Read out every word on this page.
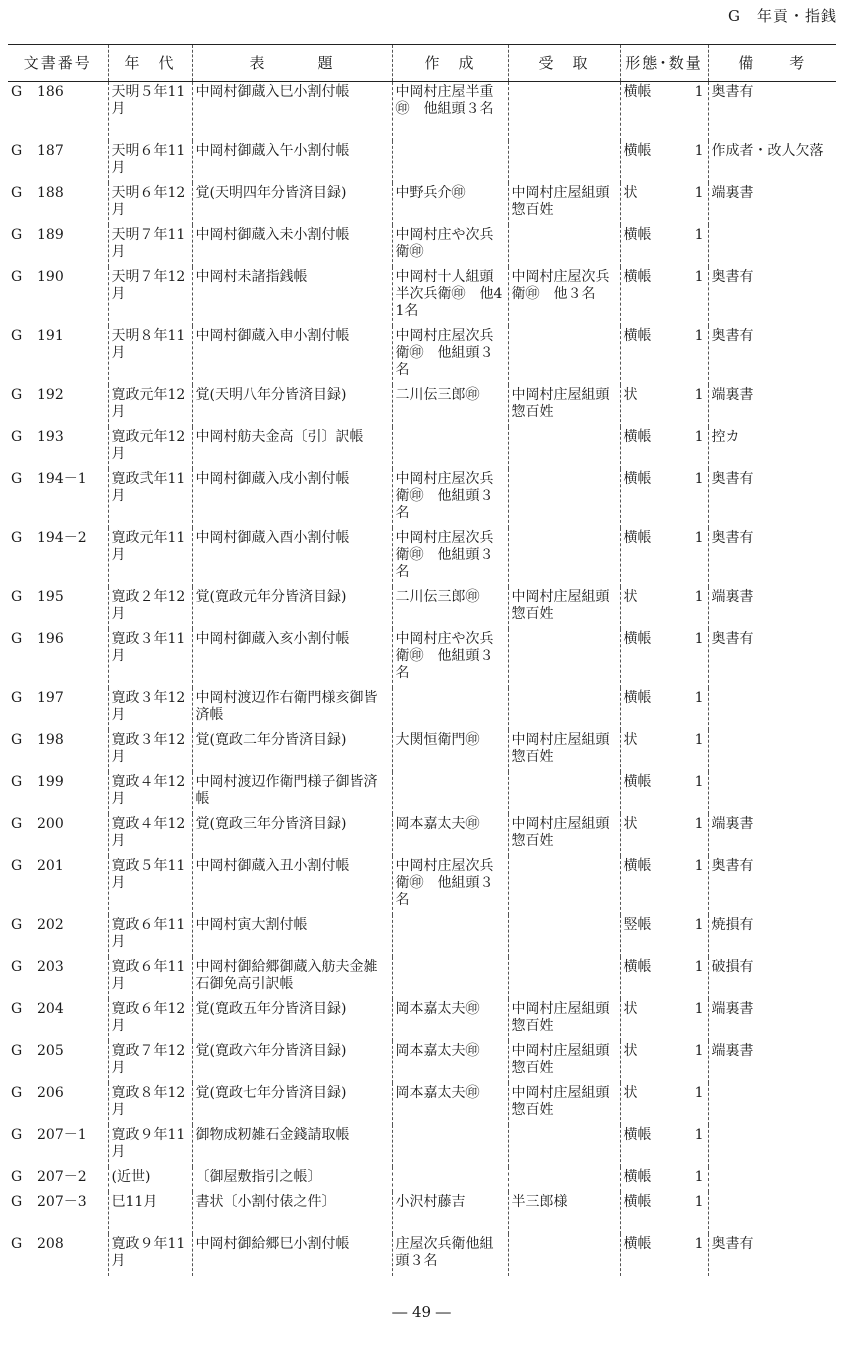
G　年貢・指銭
文書番号	年　代	表　　　題	作　成	受　取	形態･数量	備　　考
G 186	天明５年11月	中岡村御蔵入巳小割付帳	中岡村庄屋半重㊞　他組頭３名		横帳 1	奥書有
G 187	天明６年11月	中岡村御蔵入午小割付帳			横帳 1	作成者・改人欠落
G 188	天明６年12月	覚(天明四年分皆済目録)	中野兵介㊞	中岡村庄屋組頭　惣百姓	状 1	端裏書
G 189	天明７年11月	中岡村御蔵入未小割付帳	中岡村庄や次兵衛㊞		横帳 1	

G 190	天明７年12月	中岡村未諸指銭帳	中岡村十人組頭半次兵衛㊞　他41名	中岡村庄屋次兵衛㊞　他３名	横帳 1	奥書有
G 191	天明８年11月	中岡村御蔵入申小割付帳	中岡村庄屋次兵衛㊞　他組頭３名		横帳 1	奥書有
G 192	寛政元年12月	覚(天明八年分皆済目録)	二川伝三郎㊞	中岡村庄屋組頭　惣百姓	状 1	端裏書
G 193	寛政元年12月	中岡村舫夫金高〔引〕訳帳			横帳 1	控カ
G 194－1	寛政弐年11月	中岡村御蔵入戌小割付帳	中岡村庄屋次兵衛㊞　他組頭３名		横帳 1	奥書有
G 194－2	寛政元年11月	中岡村御蔵入酉小割付帳	中岡村庄屋次兵衛㊞　他組頭３名		横帳 1	奥書有
G 195	寛政２年12月	覚(寛政元年分皆済目録)	二川伝三郎㊞	中岡村庄屋組頭　惣百姓	状 1	端裏書
G 196	寛政３年11月	中岡村御蔵入亥小割付帳	中岡村庄や次兵衛㊞　他組頭３名		横帳 1	奥書有
G 197	寛政３年12月	中岡村渡辺作右衛門様亥御皆済帳			横帳 1	

G 198	寛政３年12月	覚(寛政二年分皆済目録)	大関恒衛門㊞	中岡村庄屋組頭　惣百姓	状 1	

G 199	寛政４年12月	中岡村渡辺作衛門様子御皆済帳			横帳 1	

G 200	寛政４年12月	覚(寛政三年分皆済目録)	岡本嘉太夫㊞	中岡村庄屋組頭　惣百姓	状 1	端裏書
G 201	寛政５年11月	中岡村御蔵入丑小割付帳	中岡村庄屋次兵衛㊞　他組頭３名		横帳 1	奥書有
G 202	寛政６年11月	中岡村寅大割付帳			竪帳 1	焼損有
G 203	寛政６年11月	中岡村御給郷御蔵入舫夫金雑石御免高引訳帳			横帳 1	破損有
G 204	寛政６年12月	覚(寛政五年分皆済目録)	岡本嘉太夫㊞	中岡村庄屋組頭　惣百姓	状 1	端裏書
G 205	寛政７年12月	覚(寛政六年分皆済目録)	岡本嘉太夫㊞	中岡村庄屋組頭　惣百姓	状 1	端裏書
G 206	寛政８年12月	覚(寛政七年分皆済目録)	岡本嘉太夫㊞	中岡村庄屋組頭　惣百姓	状 1	

G 207－1	寛政９年11月	御物成籾雑石金錢請取帳			横帳 1	

G 207－2	(近世)	〔御屋敷指引之帳〕			横帳 1	

G 207－3	巳11月	書状〔小割付俵之件〕	小沢村藤吉	半三郎様	横帳 1	

G 208	寛政９年11月	中岡村御給郷巳小割付帳	庄屋次兵衛他組頭３名		横帳 1	奥書有
― 49 ―
